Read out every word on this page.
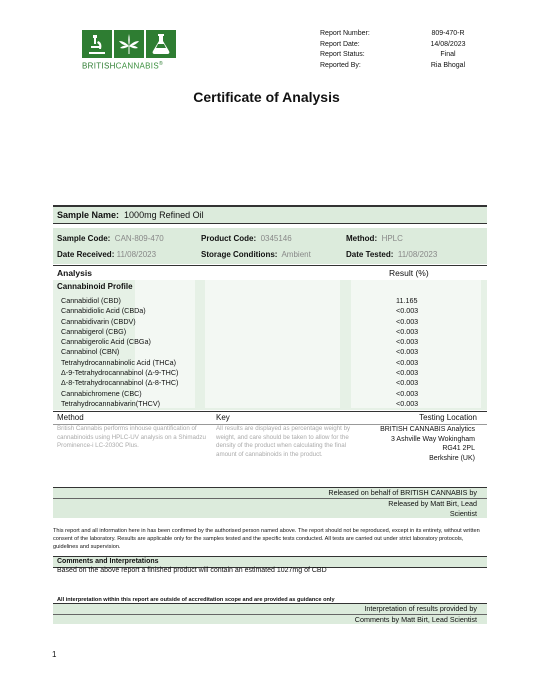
BRITISHCANNABIS®
Report Number:	809-470-R
Report Date:	14/08/2023
Report Status:	Final
Reported By:	Ria Bhogal
Certificate of Analysis
Sample Name: 1000mg Refined Oil
Sample Code: CAN-809-470	Product Code: 0345146	Method: HPLC
Date Received: 11/08/2023	Storage Conditions: Ambient	Date Tested: 11/08/2023
Analysis	Result (%)
Cannabinoid Profile
Cannabidiol (CBD)	11.165
Cannabidiolic Acid (CBDa)	<0.003
Cannabidivarin (CBDV)	<0.003
Cannabigerol (CBG)	<0.003
Cannabigerolic Acid (CBGa)	<0.003
Cannabinol (CBN)	<0.003
Tetrahydrocannabinolic Acid (THCa)	<0.003
Δ-9-Tetrahydrocannabinol (Δ-9-THC)	<0.003
Δ-8-Tetrahydrocannabinol (Δ-8-THC)	<0.003
Cannabichromene (CBC)	<0.003
Tetrahydrocannabivarin(THCV)	<0.003
Method	Key	Testing Location
British Cannabis performs inhouse quantification of cannabinoids using HPLC-UV analysis on a Shimadzu Prominence-i LC-2030C Plus.
All results are displayed as percentage weight by weight, and care should be taken to allow for the density of the product when calculating the final amount of cannabinoids in the product.
BRITISH CANNABIS Analytics
3 Ashville Way Wokingham
RG41 2PL
Berkshire (UK)
Released on behalf of BRITISH CANNABIS by
Released by Matt Birt, Lead
Scientist
This report and all information here in has been confirmed by the authorised person named above. The report should not be reproduced, except in its entirety, without written consent of the laboratory. Results are applicable only for the samples tested and the specific tests conducted. All tests are carried out under strict laboratory protocols, guidelines and supervision.
Comments and Interpretations
Based on the above report a finished product will contain an estimated 1027mg of CBD
All interpretation within this report are outside of accreditation scope and are provided as guidance only
Interpretation of results provided by
Comments by Matt Birt, Lead Scientist
1
